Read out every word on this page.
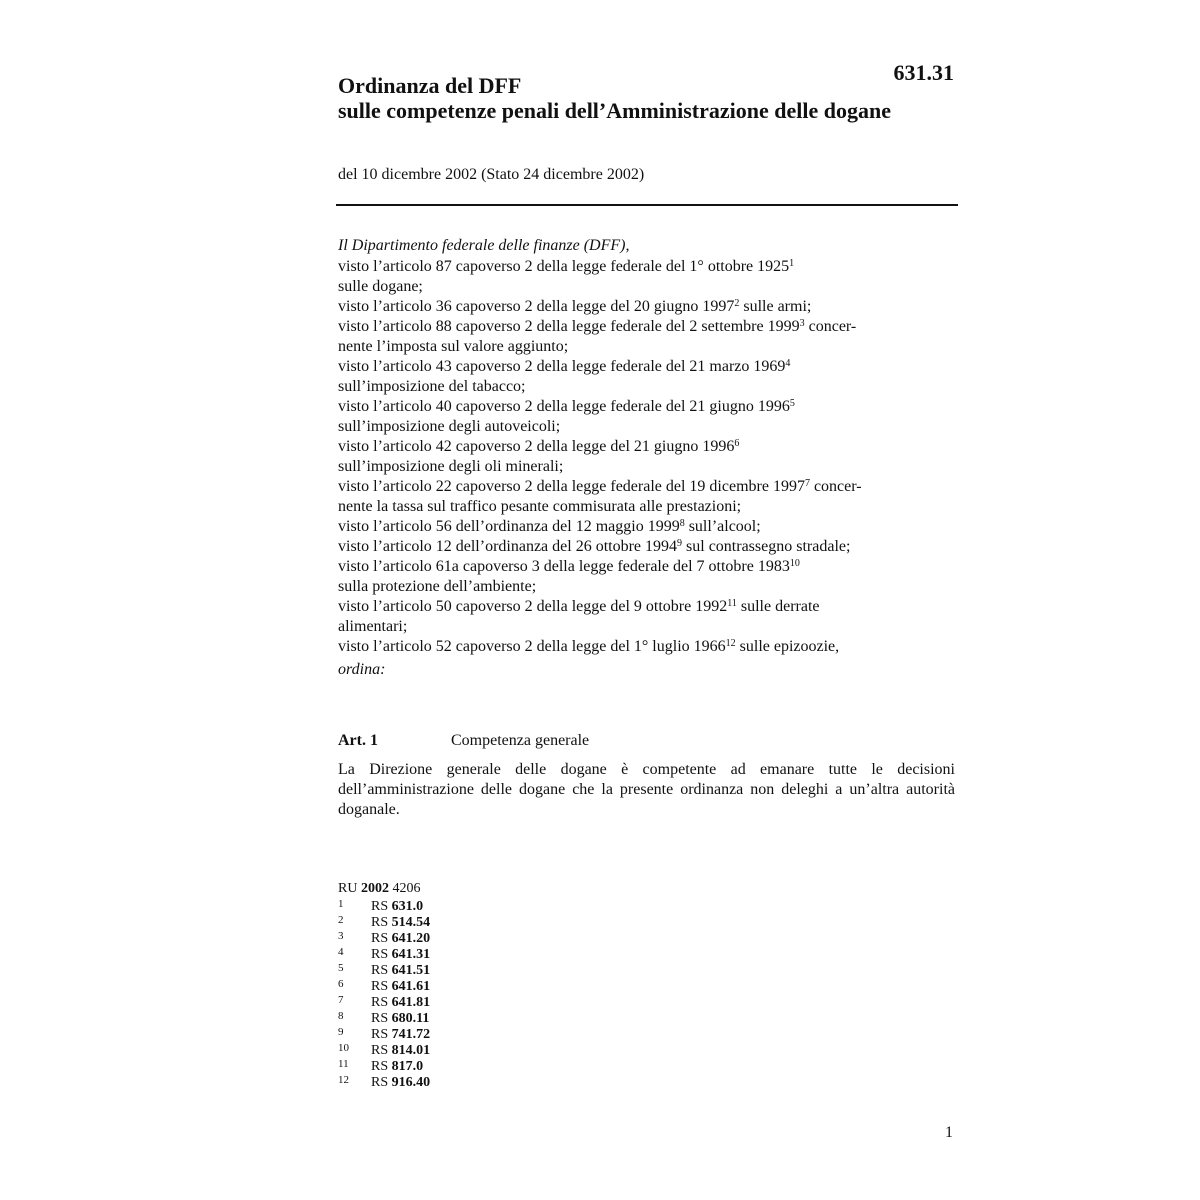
631.31
Ordinanza del DFF
sulle competenze penali dell’Amministrazione delle dogane
del 10 dicembre 2002 (Stato 24 dicembre 2002)
Il Dipartimento federale delle finanze (DFF),
visto l’articolo 87 capoverso 2 della legge federale del 1° ottobre 1925$^1$
sulle dogane;
visto l’articolo 36 capoverso 2 della legge del 20 giugno 1997$^2$ sulle armi;
visto l’articolo 88 capoverso 2 della legge federale del 2 settembre 1999$^3$ concer-
nente l’imposta sul valore aggiunto;
visto l’articolo 43 capoverso 2 della legge federale del 21 marzo 1969$^4$
sull’imposizione del tabacco;
visto l’articolo 40 capoverso 2 della legge federale del 21 giugno 1996$^5$
sull’imposizione degli autoveicoli;
visto l’articolo 42 capoverso 2 della legge del 21 giugno 1996$^6$
sull’imposizione degli oli minerali;
visto l’articolo 22 capoverso 2 della legge federale del 19 dicembre 1997$^7$ concer-
nente la tassa sul traffico pesante commisurata alle prestazioni;
visto l’articolo 56 dell’ordinanza del 12 maggio 1999$^8$ sull’alcool;
visto l’articolo 12 dell’ordinanza del 26 ottobre 1994$^9$ sul contrassegno stradale;
visto l’articolo 61a capoverso 3 della legge federale del 7 ottobre 1983$^{10}$
sulla protezione dell’ambiente;
visto l’articolo 50 capoverso 2 della legge del 9 ottobre 1992$^{11}$ sulle derrate
alimentari;
visto l’articolo 52 capoverso 2 della legge del 1° luglio 1966$^{12}$ sulle epizoozie,
ordina:
Art. 1	Competenza generale
La Direzione generale delle dogane è competente ad emanare tutte le decisioni dell’amministrazione delle dogane che la presente ordinanza non deleghi a un’altra autorità doganale.
RU 2002 4206
1 RS 631.0
2 RS 514.54
3 RS 641.20
4 RS 641.31
5 RS 641.51
6 RS 641.61
7 RS 641.81
8 RS 680.11
9 RS 741.72
10 RS 814.01
11 RS 817.0
12 RS 916.40
1
